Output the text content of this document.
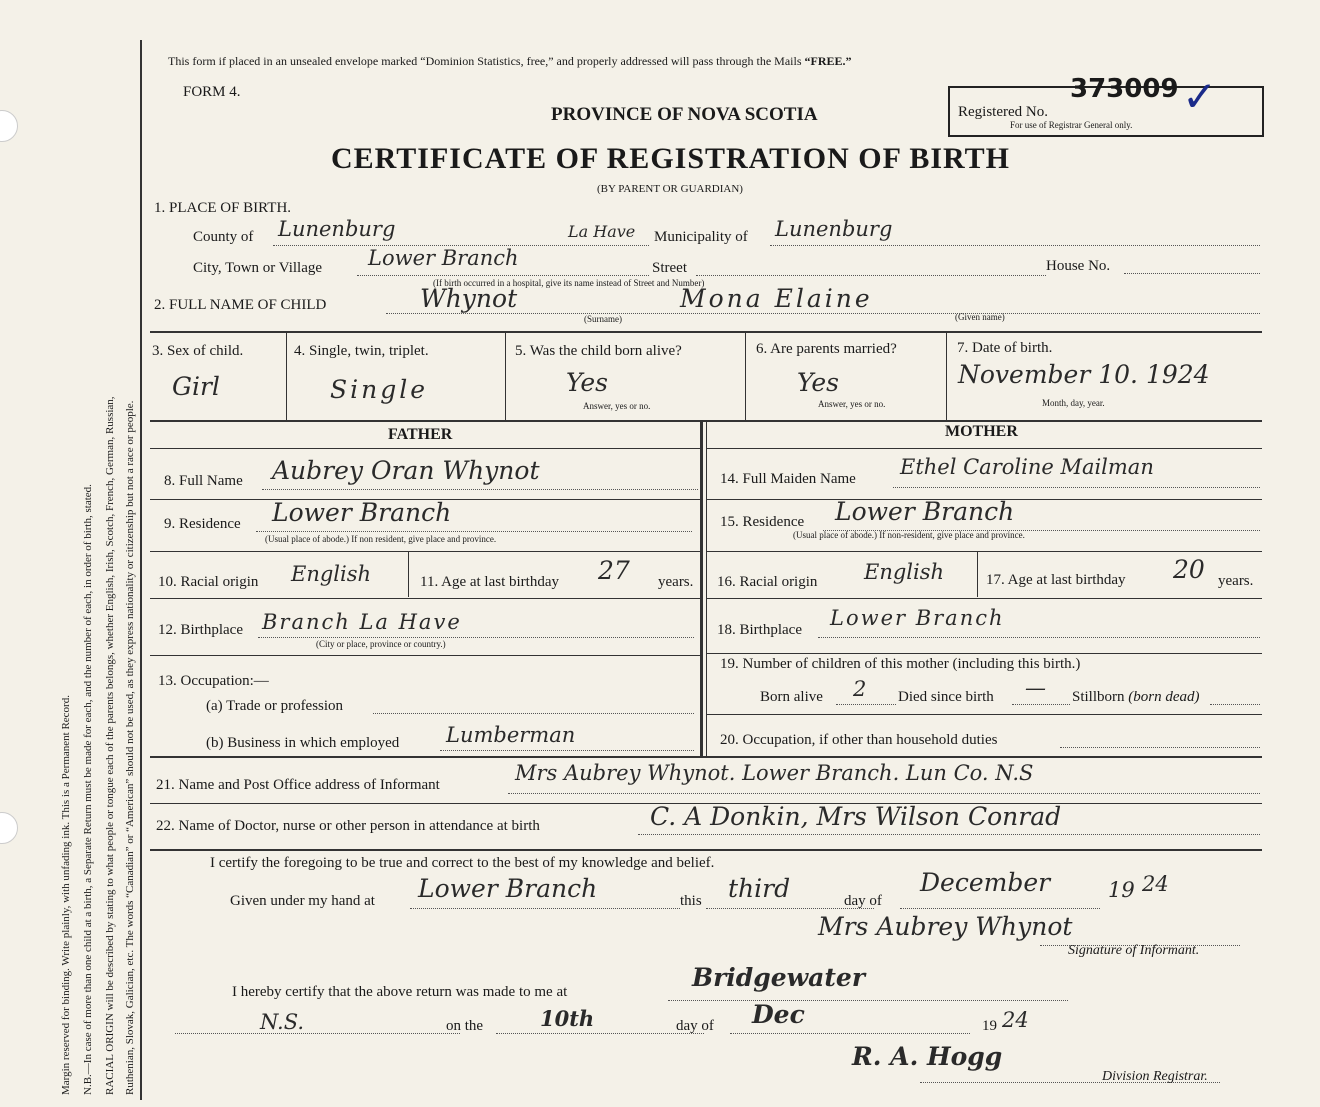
Margin reserved for binding. Write plainly, with unfading ink. This is a Permanent Record. N.B.—In case of more than one child at a birth, a Separate Return must be made for each, and the number of each, in order of birth, stated. RACIAL ORIGIN will be described by stating to what people or tongue each of the parents belongs, whether English, Irish, Scotch, French, German, Russian, Ruthenian, Slovak, Galician, etc. The words “Canadian” or “American” should not be used, as they express nationality or citizenship but not a race or people.
This form if placed in an unsealed envelope marked “Dominion Statistics, free,” and properly addressed will pass through the Mails “FREE.”
FORM 4.
PROVINCE OF NOVA SCOTIA
CERTIFICATE OF REGISTRATION OF BIRTH
(BY PARENT OR GUARDIAN)
Registered No.
For use of Registrar General only.
373009 ✓
1. PLACE OF BIRTH.
County of Lunenburg	La Have Municipality of Lunenburg
City, Town or Village Lower Branch	Street	House No.
(If birth occurred in a hospital, give its name instead of Street and Number)
2. FULL NAME OF CHILD	Whynot	Mona Elaine
(Surname)	(Given name)
3. Sex of child.
Girl
4. Single, twin, triplet.
Single
5. Was the child born alive?
Yes
Answer, yes or no.
6. Are parents married?
Yes
Answer, yes or no.
7. Date of birth.
November 10. 1924
Month, day, year.
FATHER	MOTHER
8. Full Name Aubrey Oran Whynot
9. Residence Lower Branch
(Usual place of abode.) If non resident, give place and province.
10. Racial origin English	11. Age at last birthday 27 years.
12. Birthplace Branch La Have
(City or place, province or country.)
13. Occupation:—
(a) Trade or profession
(b) Business in which employed Lumberman
14. Full Maiden Name Ethel Caroline Mailman
15. Residence Lower Branch
(Usual place of abode.) If non-resident, give place and province.
16. Racial origin English	17. Age at last birthday 20 years.
18. Birthplace Lower Branch
19. Number of children of this mother (including this birth.)
Born alive 2 Died since birth — Stillborn (born dead)
20. Occupation, if other than household duties
21. Name and Post Office address of Informant	Mrs Aubrey Whynot. Lower Branch. Lun Co. N.S
22. Name of Doctor, nurse or other person in attendance at birth	C. A Donkin, Mrs Wilson Conrad
I certify the foregoing to be true and correct to the best of my knowledge and belief.
Given under my hand at Lower Branch	this third	day of
December	19 24
Mrs Aubrey Whynot
Signature of Informant.
I hereby certify that the above return was made to me at	Bridgewater
N.S.	on the	10th	day of Dec	19 24
R. A. Hogg
Division Registrar.
